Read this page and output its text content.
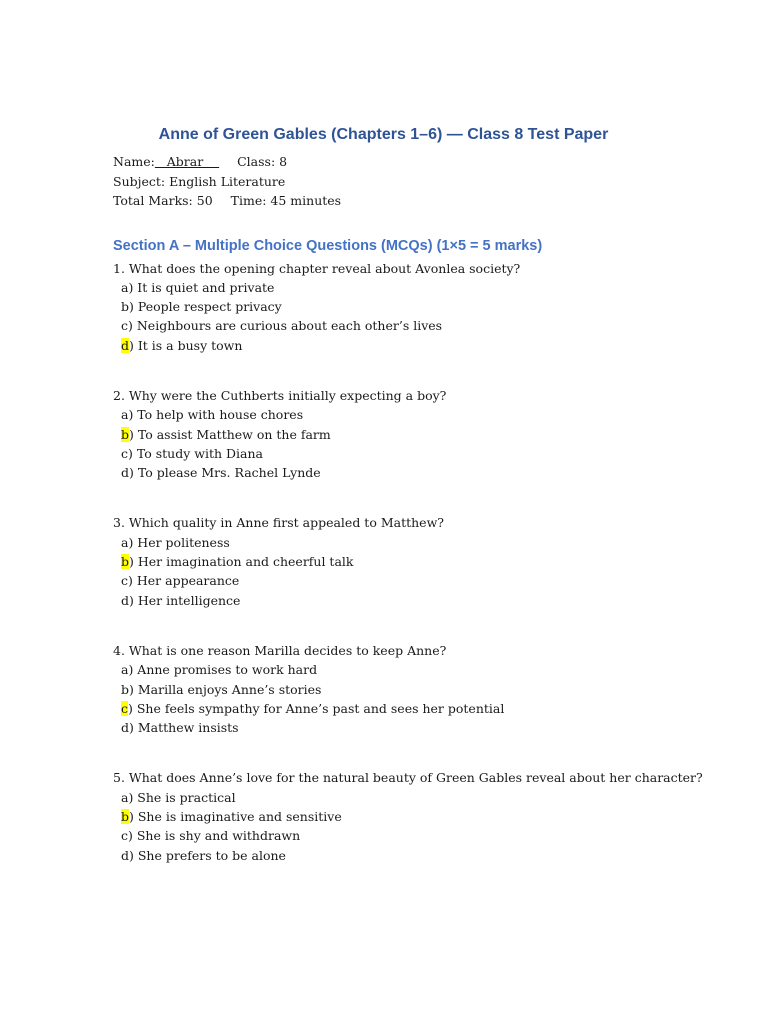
Anne of Green Gables (Chapters 1–6) — Class 8 Test Paper
Name:   Abrar    Class: 8
Subject: English Literature
Total Marks: 50 Time: 45 minutes
Section A – Multiple Choice Questions (MCQs) (1×5 = 5 marks)
1. What does the opening chapter reveal about Avonlea society?
a) It is quiet and private
b) People respect privacy
c) Neighbours are curious about each other’s lives
d) It is a busy town
2. Why were the Cuthberts initially expecting a boy?
a) To help with house chores
b) To assist Matthew on the farm
c) To study with Diana
d) To please Mrs. Rachel Lynde
3. Which quality in Anne first appealed to Matthew?
a) Her politeness
b) Her imagination and cheerful talk
c) Her appearance
d) Her intelligence
4. What is one reason Marilla decides to keep Anne?
a) Anne promises to work hard
b) Marilla enjoys Anne’s stories
c) She feels sympathy for Anne’s past and sees her potential
d) Matthew insists
5. What does Anne’s love for the natural beauty of Green Gables reveal about her character?
a) She is practical
b) She is imaginative and sensitive
c) She is shy and withdrawn
d) She prefers to be alone
